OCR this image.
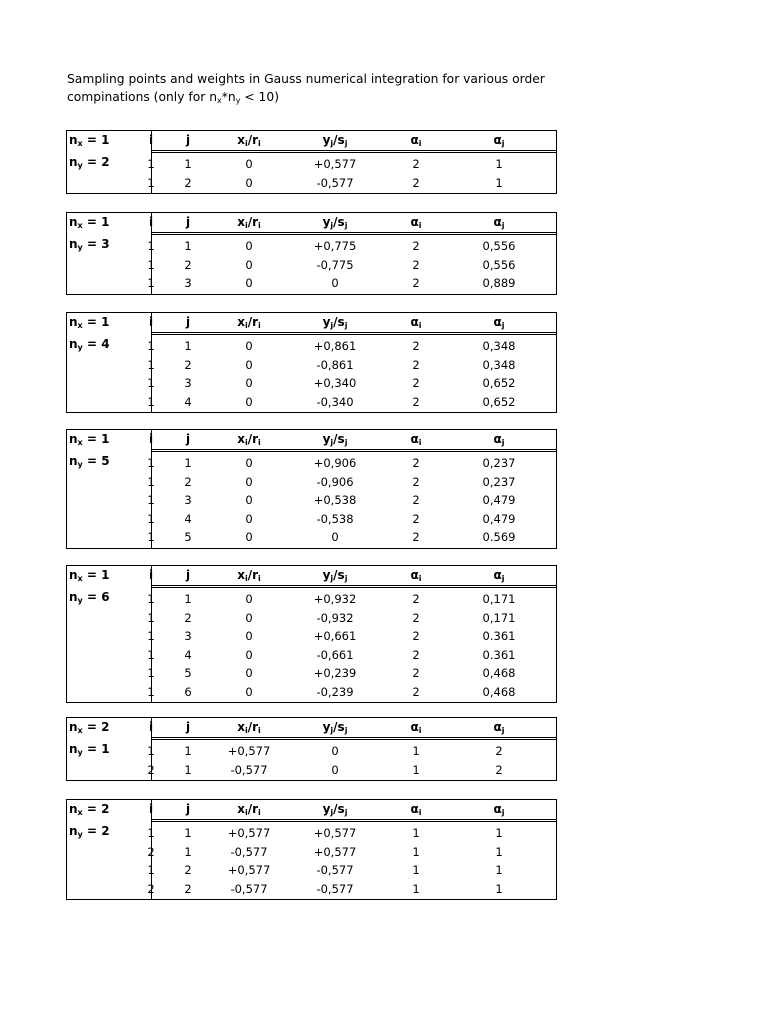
Sampling points and weights in Gauss numerical integration for various order
compinations (only for $n_x*n_y < 10$)
$n_x = 1$
$n_y = 2$
i	j	$x_i/r_i$	$y_j/s_j$	$\alpha_i$	$\alpha_j$
1	1	0	+0,577	2	1
1	2	0	-0,577	2	1
$n_x = 1$
$n_y = 3$
i	j	$x_i/r_i$	$y_j/s_j$	$\alpha_i$	$\alpha_j$
1	1	0	+0,775	2	0,556
1	2	0	-0,775	2	0,556
1	3	0	0	2	0,889
$n_x = 1$
$n_y = 4$
i	j	$x_i/r_i$	$y_j/s_j$	$\alpha_i$	$\alpha_j$
1	1	0	+0,861	2	0,348
1	2	0	-0,861	2	0,348
1	3	0	+0,340	2	0,652
1	4	0	-0,340	2	0,652
$n_x = 1$
$n_y = 5$
i	j	$x_i/r_i$	$y_j/s_j$	$\alpha_i$	$\alpha_j$
1	1	0	+0,906	2	0,237
1	2	0	-0,906	2	0,237
1	3	0	+0,538	2	0,479
1	4	0	-0,538	2	0,479
1	5	0	0	2	0.569
$n_x = 1$
$n_y = 6$
i	j	$x_i/r_i$	$y_j/s_j$	$\alpha_i$	$\alpha_j$
1	1	0	+0,932	2	0,171
1	2	0	-0,932	2	0,171
1	3	0	+0,661	2	0.361
1	4	0	-0,661	2	0.361
1	5	0	+0,239	2	0,468
1	6	0	-0,239	2	0,468
$n_x = 2$
$n_y = 1$
i	j	$x_i/r_i$	$y_j/s_j$	$\alpha_i$	$\alpha_j$
1	1	+0,577	0	1	2
2	1	-0,577	0	1	2
$n_x = 2$
$n_y = 2$
i	j	$x_i/r_i$	$y_j/s_j$	$\alpha_i$	$\alpha_j$
1	1	+0,577	+0,577	1	1
2	1	-0,577	+0,577	1	1
1	2	+0,577	-0,577	1	1
2	2	-0,577	-0,577	1	1
